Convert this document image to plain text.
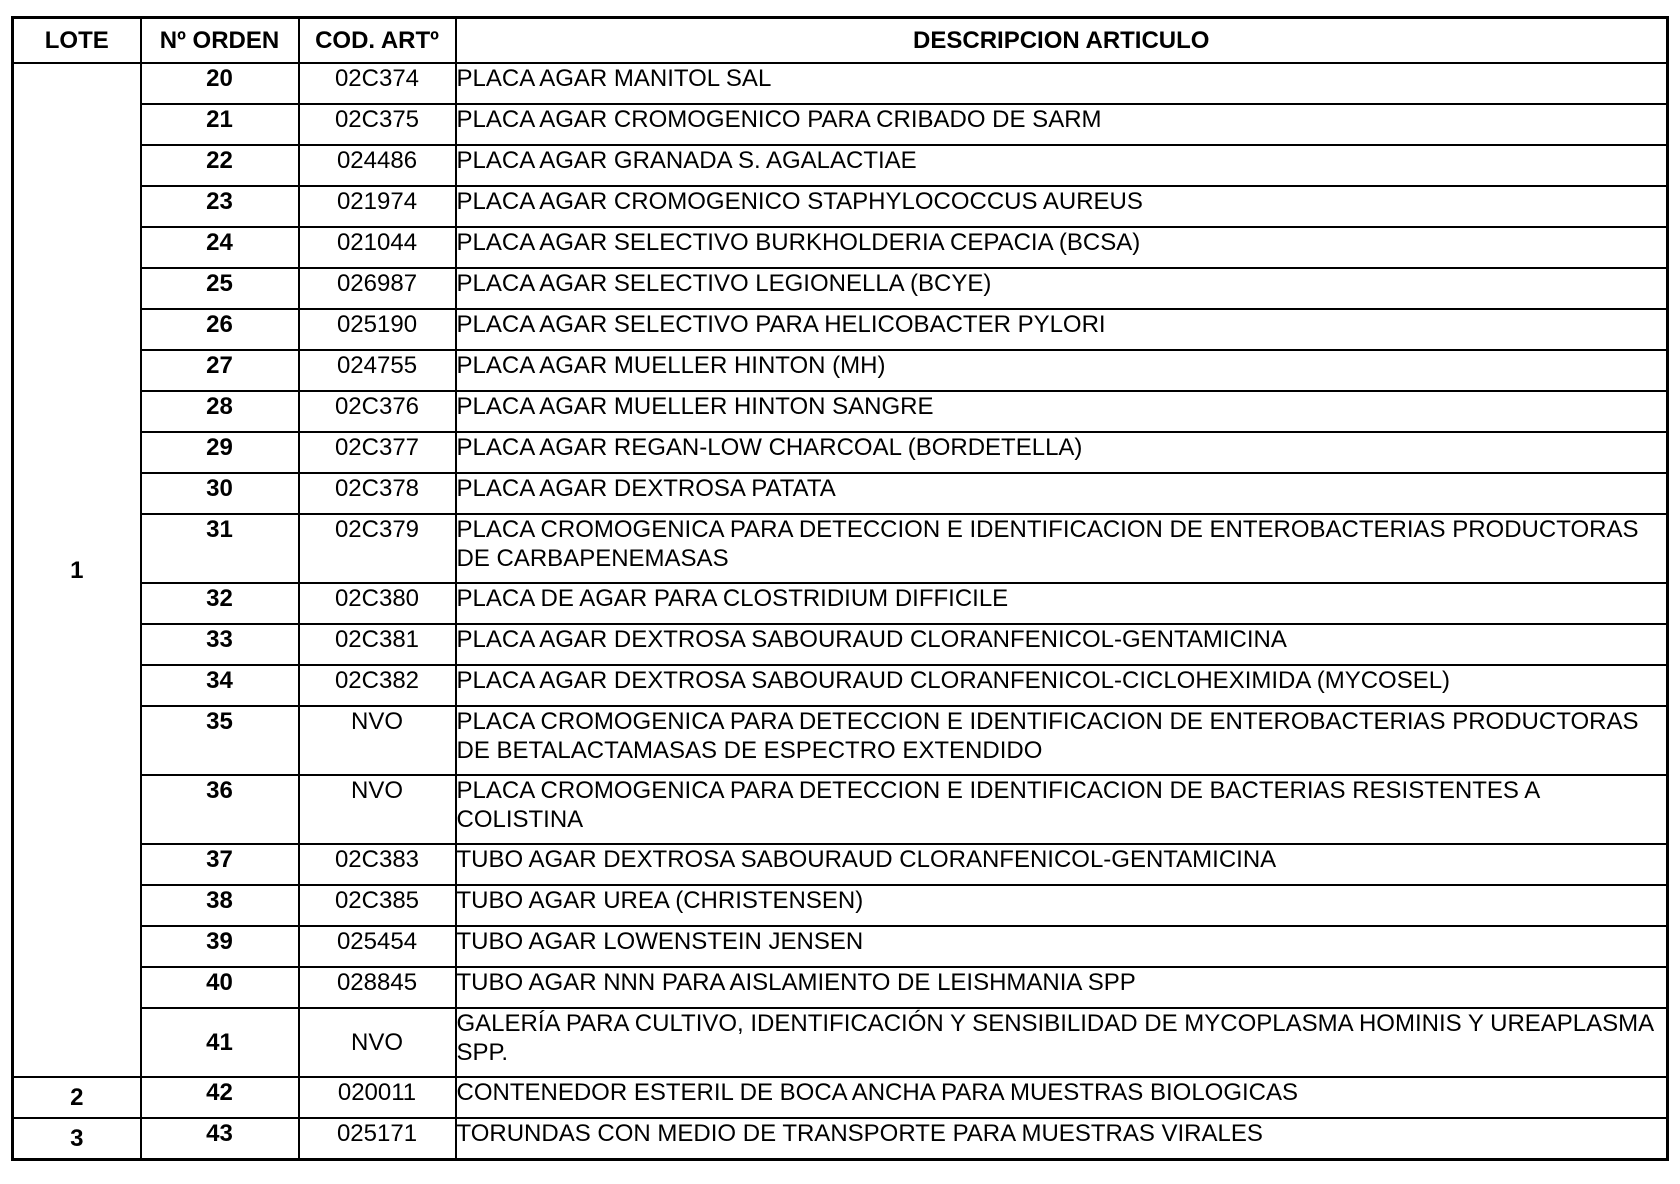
LOTE	Nº ORDEN	COD. ARTº	DESCRIPCION ARTICULO
1	20	02C374	PLACA AGAR MANITOL SAL
	21	02C375	PLACA AGAR CROMOGENICO PARA CRIBADO DE SARM
	22	024486	PLACA AGAR GRANADA S. AGALACTIAE
	23	021974	PLACA AGAR CROMOGENICO STAPHYLOCOCCUS AUREUS
	24	021044	PLACA AGAR SELECTIVO BURKHOLDERIA CEPACIA (BCSA)
	25	026987	PLACA AGAR SELECTIVO LEGIONELLA (BCYE)
	26	025190	PLACA AGAR SELECTIVO PARA HELICOBACTER PYLORI
	27	024755	PLACA AGAR MUELLER HINTON (MH)
	28	02C376	PLACA AGAR MUELLER HINTON SANGRE
	29	02C377	PLACA AGAR REGAN-LOW CHARCOAL (BORDETELLA)
	30	02C378	PLACA AGAR DEXTROSA PATATA
	31	02C379	PLACA CROMOGENICA PARA DETECCION E IDENTIFICACION DE ENTEROBACTERIAS PRODUCTORAS DE CARBAPENEMASAS
	32	02C380	PLACA DE AGAR PARA CLOSTRIDIUM DIFFICILE
	33	02C381	PLACA AGAR DEXTROSA SABOURAUD CLORANFENICOL-GENTAMICINA
	34	02C382	PLACA AGAR DEXTROSA SABOURAUD CLORANFENICOL-CICLOHEXIMIDA (MYCOSEL)
	35	NVO	PLACA CROMOGENICA PARA DETECCION E IDENTIFICACION DE ENTEROBACTERIAS PRODUCTORAS DE BETALACTAMASAS DE ESPECTRO EXTENDIDO
	36	NVO	PLACA CROMOGENICA PARA DETECCION E IDENTIFICACION DE BACTERIAS RESISTENTES A COLISTINA
	37	02C383	TUBO AGAR DEXTROSA SABOURAUD CLORANFENICOL-GENTAMICINA
	38	02C385	TUBO AGAR UREA (CHRISTENSEN)
	39	025454	TUBO AGAR LOWENSTEIN JENSEN
	40	028845	TUBO AGAR NNN PARA AISLAMIENTO DE LEISHMANIA SPP
	41	NVO	GALERÍA PARA CULTIVO, IDENTIFICACIÓN Y SENSIBILIDAD DE MYCOPLASMA HOMINIS Y UREAPLASMA SPP.
2	42	020011	CONTENEDOR ESTERIL DE BOCA ANCHA PARA MUESTRAS BIOLOGICAS
3	43	025171	TORUNDAS CON MEDIO DE TRANSPORTE PARA MUESTRAS VIRALES
